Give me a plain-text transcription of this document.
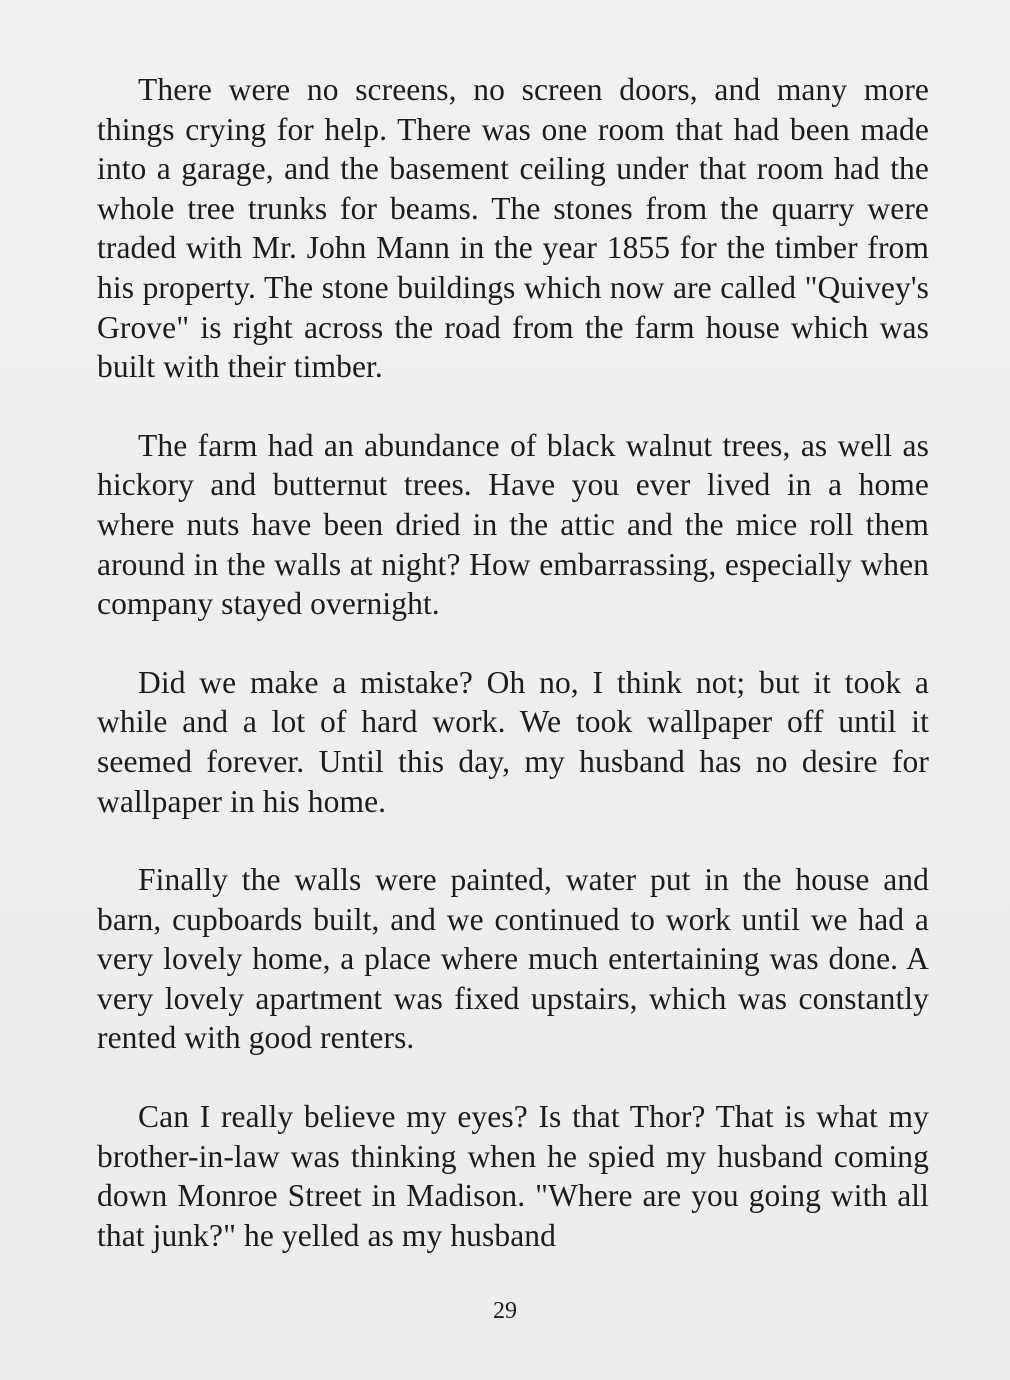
There were no screens, no screen doors, and many more things crying for help. There was one room that had been made into a garage, and the basement ceiling under that room had the whole tree trunks for beams. The stones from the quarry were traded with Mr. John Mann in the year 1855 for the timber from his property. The stone buildings which now are called "Quivey's Grove" is right across the road from the farm house which was built with their timber.

The farm had an abundance of black walnut trees, as well as hickory and butternut trees. Have you ever lived in a home where nuts have been dried in the attic and the mice roll them around in the walls at night? How embarrassing, especially when company stayed overnight.

Did we make a mistake? Oh no, I think not; but it took a while and a lot of hard work. We took wallpaper off until it seemed forever. Until this day, my husband has no desire for wallpaper in his home.

Finally the walls were painted, water put in the house and barn, cupboards built, and we continued to work until we had a very lovely home, a place where much entertaining was done. A very lovely apartment was fixed upstairs, which was constantly rented with good renters.

Can I really believe my eyes? Is that Thor? That is what my brother-in-law was thinking when he spied my husband coming down Monroe Street in Madison. "Where are you going with all that junk?" he yelled as my husband

29
